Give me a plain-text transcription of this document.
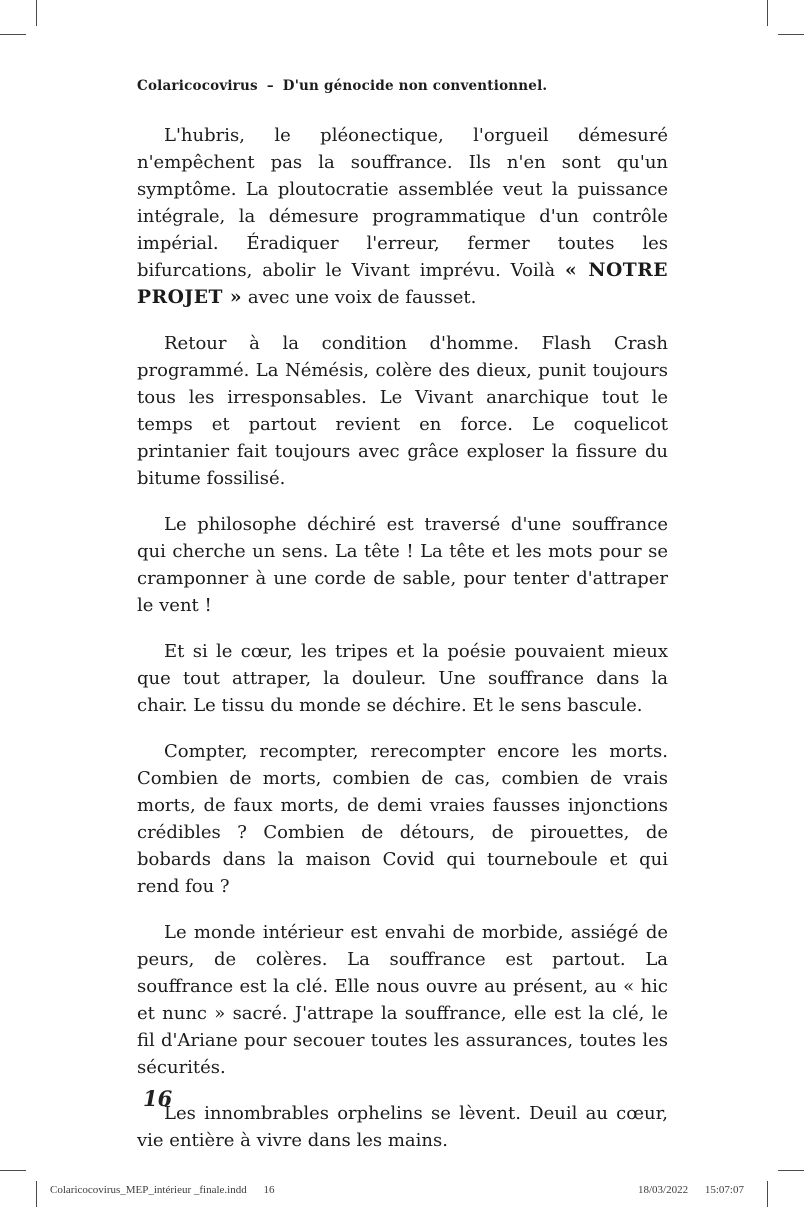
Colaricocovirus – D'un génocide non conventionnel.

L'hubris, le pléonectique, l'orgueil démesuré n'empêchent pas la souffrance. Ils n'en sont qu'un symptôme. La ploutocratie assemblée veut la puissance intégrale, la démesure programmatique d'un contrôle impérial. Éradiquer l'erreur, fermer toutes les bifurcations, abolir le Vivant imprévu. Voilà « NOTRE PROJET » avec une voix de fausset.

Retour à la condition d'homme. Flash Crash programmé. La Némésis, colère des dieux, punit toujours tous les irresponsables. Le Vivant anarchique tout le temps et partout revient en force. Le coquelicot printanier fait toujours avec grâce exploser la fissure du bitume fossilisé.

Le philosophe déchiré est traversé d'une souffrance qui cherche un sens. La tête ! La tête et les mots pour se cramponner à une corde de sable, pour tenter d'attraper le vent !

Et si le cœur, les tripes et la poésie pouvaient mieux que tout attraper, la douleur. Une souffrance dans la chair. Le tissu du monde se déchire. Et le sens bascule.

Compter, recompter, rerecompter encore les morts. Combien de morts, combien de cas, combien de vrais morts, de faux morts, de demi vraies fausses injonctions crédibles ? Combien de détours, de pirouettes, de bobards dans la maison Covid qui tourneboule et qui rend fou ?

Le monde intérieur est envahi de morbide, assiégé de peurs, de colères. La souffrance est partout. La souffrance est la clé. Elle nous ouvre au présent, au « hic et nunc » sacré. J'attrape la souffrance, elle est la clé, le fil d'Ariane pour secouer toutes les assurances, toutes les sécurités.

Les innombrables orphelins se lèvent. Deuil au cœur, vie entière à vivre dans les mains.

16
Colaricocovirus_MEP_intérieur _finale.indd 16	18/03/2022 15:07:07
